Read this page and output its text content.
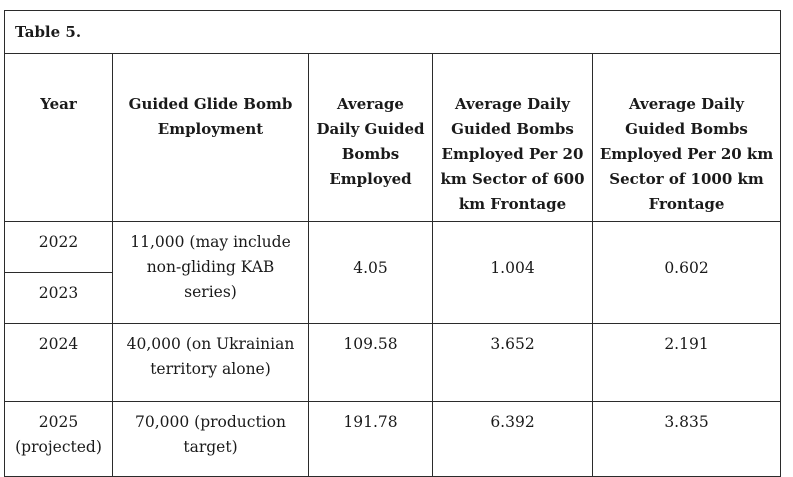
Table 5.				
Year	Guided Glide Bomb Employment	Average Daily Guided Bombs Employed	Average Daily Guided Bombs Employed Per 20 km Sector of 600 km Frontage	Average Daily Guided Bombs Employed Per 20 km Sector of 1000 km Frontage
2022	11,000 (may include non-gliding KAB series)	4.05	1.004	0.602
2023				
2024	40,000 (on Ukrainian territory alone)	109.58	3.652	2.191
2025 (projected)	70,000 (production target)	191.78	6.392	3.835
